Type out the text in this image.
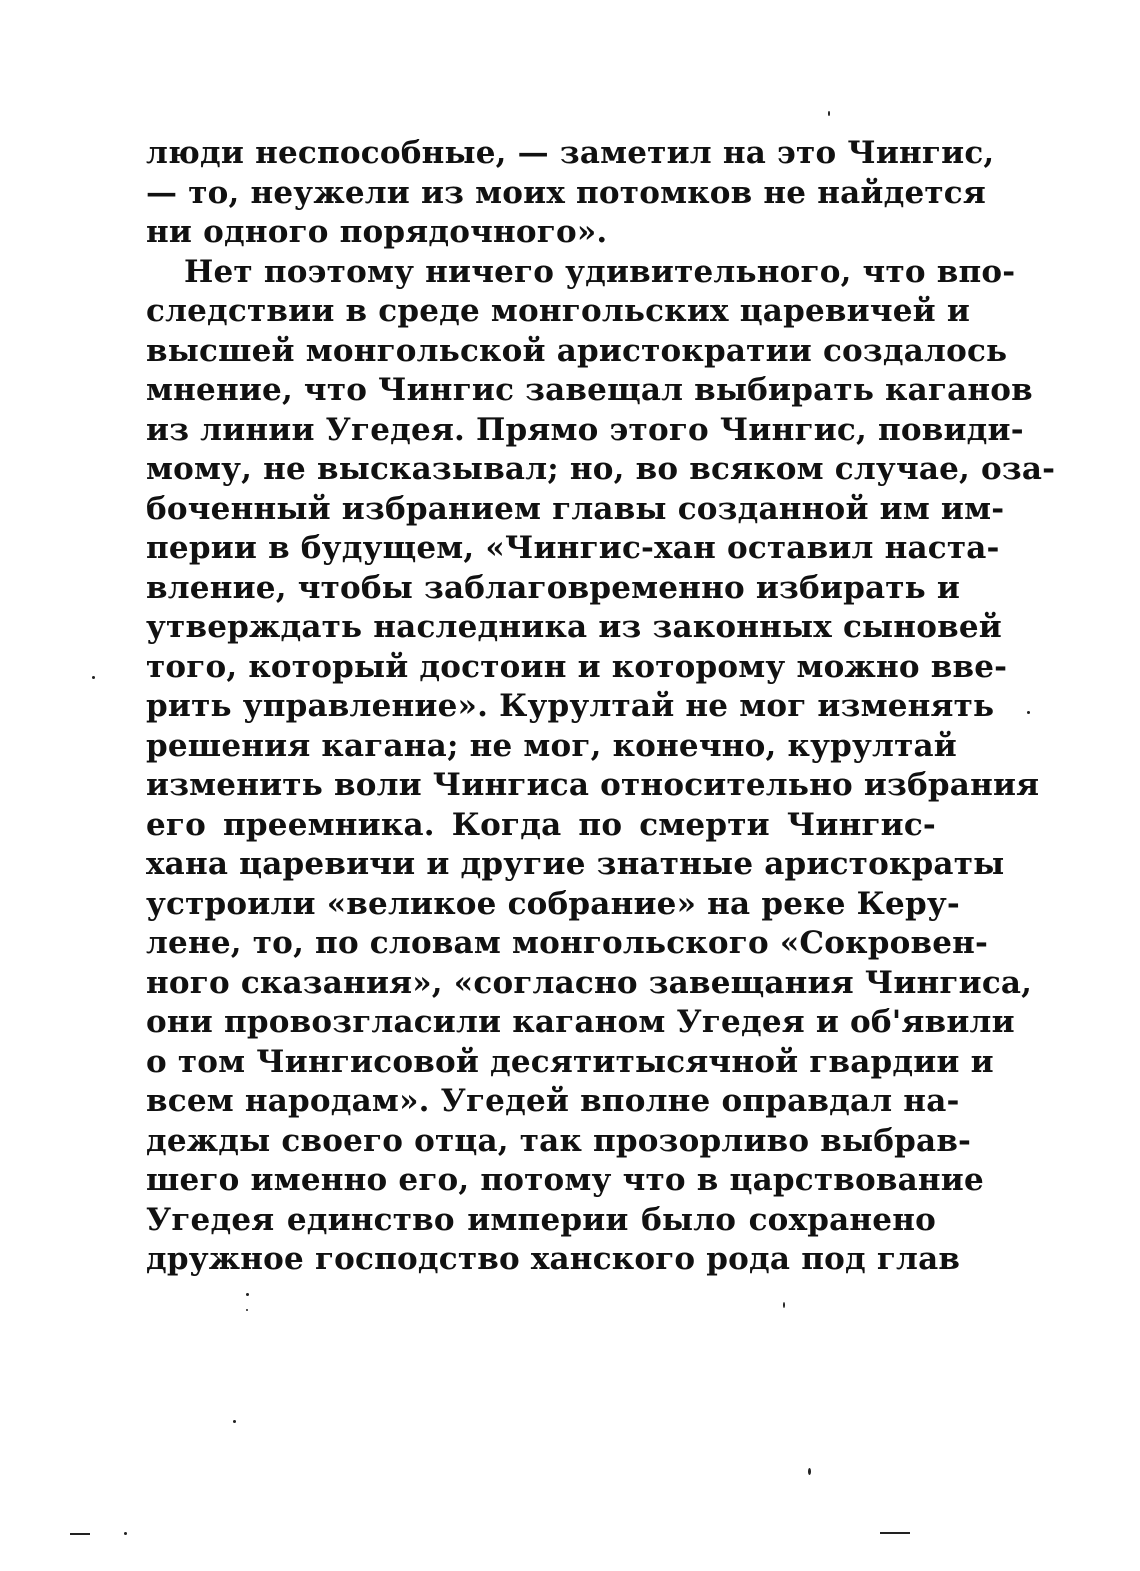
люди неспособные, — заметил на это Чингис,
— то, неужели из моих потомков не найдется
ни одного порядочного».
Нет поэтому ничего удивительного, что впо-
следствии в среде монгольских царевичей и
высшей монгольской аристократии создалось
мнение, что Чингис завещал выбирать каганов
из линии Угедея. Прямо этого Чингис, повиди-
мому, не высказывал; но, во всяком случае, оза-
боченный избранием главы созданной им им-
перии в будущем, «Чингис-хан оставил наста-
вление, чтобы заблаговременно избирать и
утверждать наследника из законных сыновей
того, который достоин и которому можно вве-
рить управление». Курултай не мог изменять
решения кагана; не мог, конечно, курултай
изменить воли Чингиса относительно избрания
его преемника. Когда по смерти Чингис-
хана царевичи и другие знатные аристократы
устроили «великое собрание» на реке Керу-
лене, то, по словам монгольского «Сокровен-
ного сказания», «согласно завещания Чингиса,
они провозгласили каганом Угедея и об'явили
о том Чингисовой десятитысячной гвардии и
всем народам». Угедей вполне оправдал на-
дежды своего отца, так прозорливо выбрав-
шего именно его, потому что в царствование
Угедея единство империи было сохранено
дружное господство ханского рода под глав
